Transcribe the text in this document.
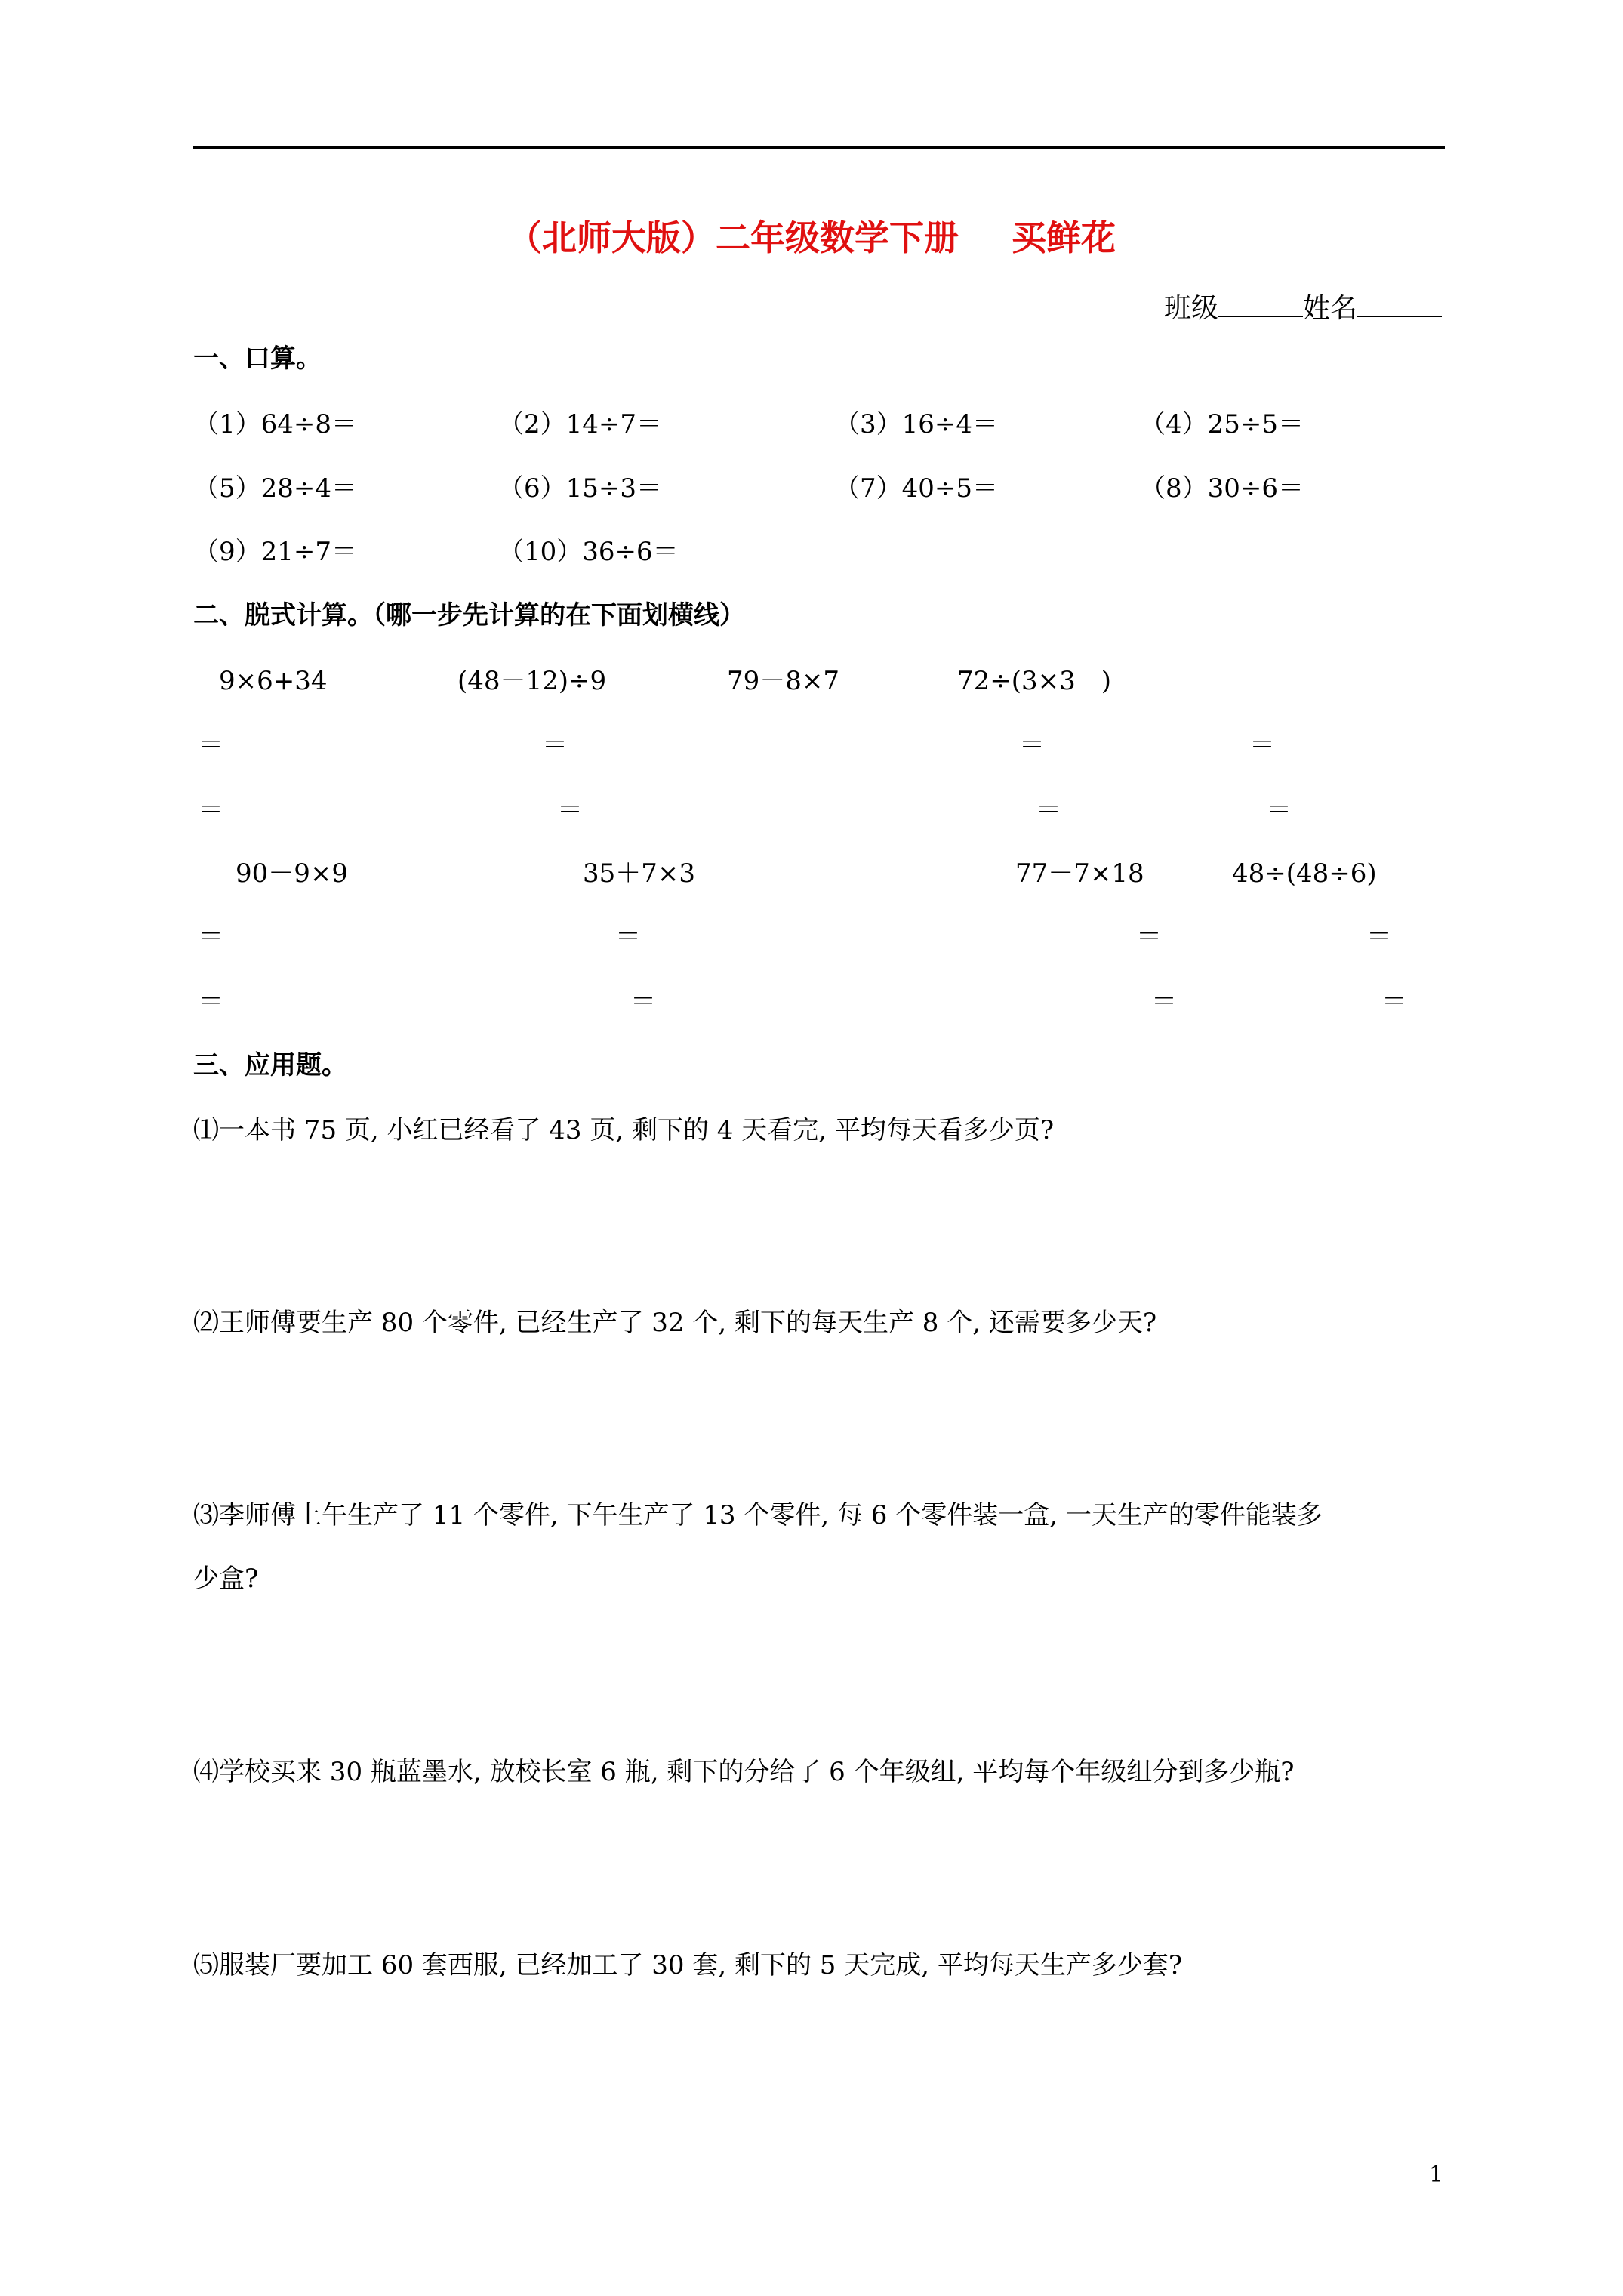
（北师大版）二年级数学下册 买鲜花
班级	姓名
一、口算。
（1）64÷8＝	（2）14÷7＝	（3）16÷4＝	（4）25÷5＝
（5）28÷4＝	（6）15÷3＝	（7）40÷5＝	（8）30÷6＝
（9）21÷7＝	（10）36÷6＝
二、脱式计算。（哪一步先计算的在下面划横线）
9×6+34	(48－12)÷9	79－8×7	72÷(3×3　)
＝	＝	＝	＝
＝	＝	＝	＝
90－9×9	35＋7×3	77－7×18	48÷(48÷6)
＝	＝	＝	＝
＝	＝	＝	＝
三、应用题。
⑴一本书 75 页, 小红已经看了 43 页, 剩下的 4 天看完, 平均每天看多少页?
⑵王师傅要生产 80 个零件, 已经生产了 32 个, 剩下的每天生产 8 个, 还需要多少天?
⑶李师傅上午生产了 11 个零件, 下午生产了 13 个零件, 每 6 个零件装一盒, 一天生产的零件能装多
少盒?
⑷学校买来 30 瓶蓝墨水, 放校长室 6 瓶, 剩下的分给了 6 个年级组, 平均每个年级组分到多少瓶?
⑸服装厂要加工 60 套西服, 已经加工了 30 套, 剩下的 5 天完成, 平均每天生产多少套?
1
